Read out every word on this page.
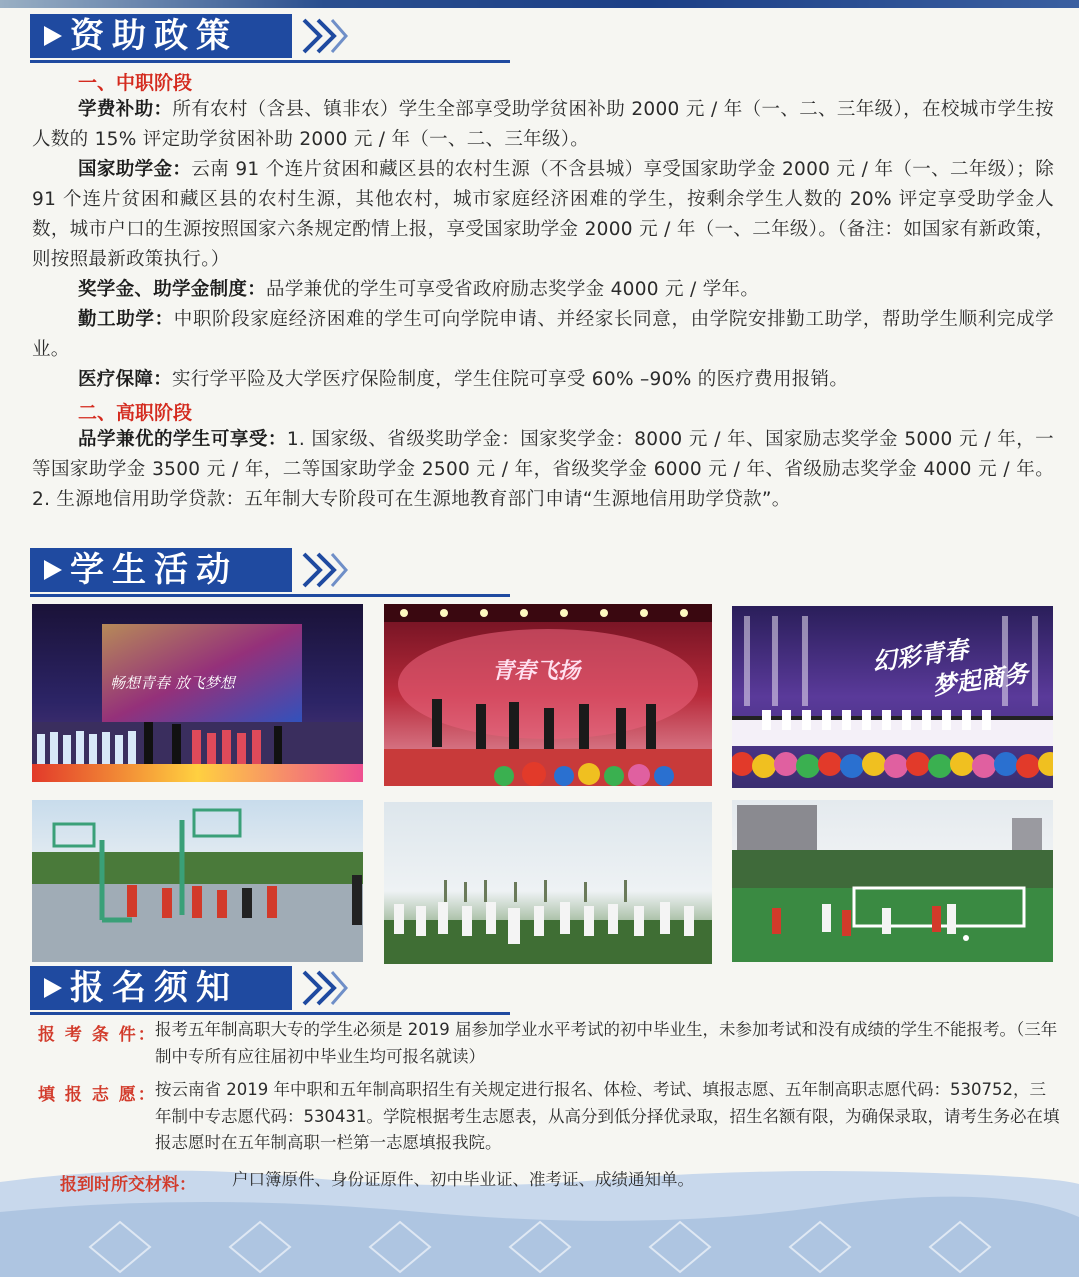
资助政策
一、中职阶段
学费补助：所有农村（含县、镇非农）学生全部享受助学贫困补助 2000 元 / 年（一、二、三年级），在校城市学生按人数的 15% 评定助学贫困补助 2000 元 / 年（一、二、三年级）。
国家助学金：云南 91 个连片贫困和藏区县的农村生源（不含县城）享受国家助学金 2000 元 / 年（一、二年级）；除 91 个连片贫困和藏区县的农村生源，其他农村，城市家庭经济困难的学生，按剩余学生人数的 20% 评定享受助学金人数，城市户口的生源按照国家六条规定酌情上报，享受国家助学金 2000 元 / 年（一、二年级）。（备注：如国家有新政策，则按照最新政策执行。）
奖学金、助学金制度：品学兼优的学生可享受省政府励志奖学金 4000 元 / 学年。
勤工助学：中职阶段家庭经济困难的学生可向学院申请、并经家长同意，由学院安排勤工助学，帮助学生顺利完成学业。
医疗保障：实行学平险及大学医疗保险制度，学生住院可享受 60% –90% 的医疗费用报销。
二、高职阶段
品学兼优的学生可享受：1. 国家级、省级奖助学金：国家奖学金：8000 元 / 年、国家励志奖学金 5000 元 / 年，一等国家助学金 3500 元 / 年，二等国家助学金 2500 元 / 年，省级奖学金 6000 元 / 年、省级励志奖学金 4000 元 / 年。2. 生源地信用助学贷款：五年制大专阶段可在生源地教育部门申请“生源地信用助学贷款”。
学生活动
畅想青春 放飞梦想	青春飞扬	幻彩青春
梦起商务
报名须知
报 考 条 件：
报考五年制高职大专的学生必须是 2019 届参加学业水平考试的初中毕业生，未参加考试和没有成绩的学生不能报考。（三年制中专所有应往届初中毕业生均可报名就读）
填 报 志 愿：
按云南省 2019 年中职和五年制高职招生有关规定进行报名、体检、考试、填报志愿、五年制高职志愿代码：530752，三年制中专志愿代码：530431。学院根据考生志愿表，从高分到低分择优录取，招生名额有限，为确保录取，请考生务必在填报志愿时在五年制高职一栏第一志愿填报我院。
报到时所交材料： 户口簿原件、身份证原件、初中毕业证、准考证、成绩通知单。
